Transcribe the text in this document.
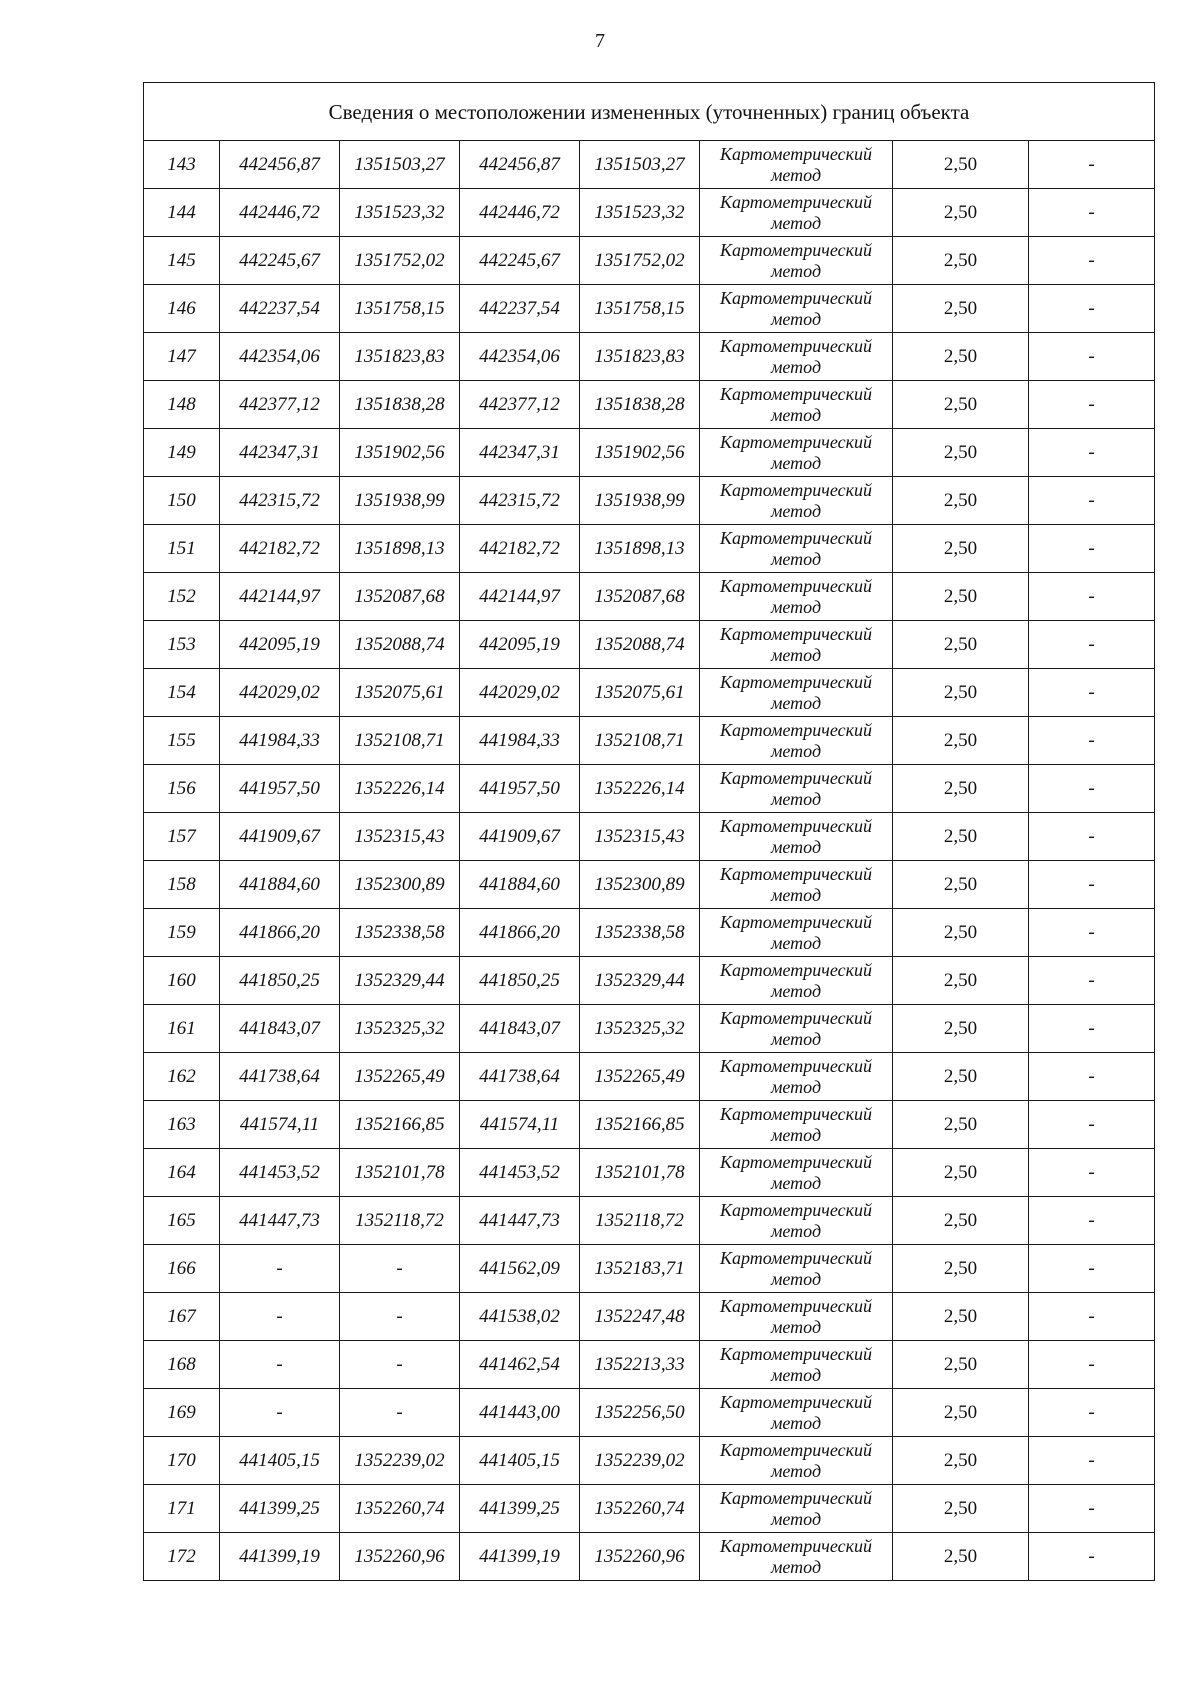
7
Сведения о местоположении измененных (уточненных) границ объекта							
143	442456,87	1351503,27	442456,87	1351503,27	Картометрический метод	2,50	-
144	442446,72	1351523,32	442446,72	1351523,32	Картометрический метод	2,50	-
145	442245,67	1351752,02	442245,67	1351752,02	Картометрический метод	2,50	-
146	442237,54	1351758,15	442237,54	1351758,15	Картометрический метод	2,50	-
147	442354,06	1351823,83	442354,06	1351823,83	Картометрический метод	2,50	-
148	442377,12	1351838,28	442377,12	1351838,28	Картометрический метод	2,50	-
149	442347,31	1351902,56	442347,31	1351902,56	Картометрический метод	2,50	-
150	442315,72	1351938,99	442315,72	1351938,99	Картометрический метод	2,50	-
151	442182,72	1351898,13	442182,72	1351898,13	Картометрический метод	2,50	-
152	442144,97	1352087,68	442144,97	1352087,68	Картометрический метод	2,50	-
153	442095,19	1352088,74	442095,19	1352088,74	Картометрический метод	2,50	-
154	442029,02	1352075,61	442029,02	1352075,61	Картометрический метод	2,50	-
155	441984,33	1352108,71	441984,33	1352108,71	Картометрический метод	2,50	-
156	441957,50	1352226,14	441957,50	1352226,14	Картометрический метод	2,50	-
157	441909,67	1352315,43	441909,67	1352315,43	Картометрический метод	2,50	-
158	441884,60	1352300,89	441884,60	1352300,89	Картометрический метод	2,50	-
159	441866,20	1352338,58	441866,20	1352338,58	Картометрический метод	2,50	-
160	441850,25	1352329,44	441850,25	1352329,44	Картометрический метод	2,50	-
161	441843,07	1352325,32	441843,07	1352325,32	Картометрический метод	2,50	-
162	441738,64	1352265,49	441738,64	1352265,49	Картометрический метод	2,50	-
163	441574,11	1352166,85	441574,11	1352166,85	Картометрический метод	2,50	-
164	441453,52	1352101,78	441453,52	1352101,78	Картометрический метод	2,50	-
165	441447,73	1352118,72	441447,73	1352118,72	Картометрический метод	2,50	-
166	-	-	441562,09	1352183,71	Картометрический метод	2,50	-
167	-	-	441538,02	1352247,48	Картометрический метод	2,50	-
168	-	-	441462,54	1352213,33	Картометрический метод	2,50	-
169	-	-	441443,00	1352256,50	Картометрический метод	2,50	-
170	441405,15	1352239,02	441405,15	1352239,02	Картометрический метод	2,50	-
171	441399,25	1352260,74	441399,25	1352260,74	Картометрический метод	2,50	-
172	441399,19	1352260,96	441399,19	1352260,96	Картометрический метод	2,50	-
